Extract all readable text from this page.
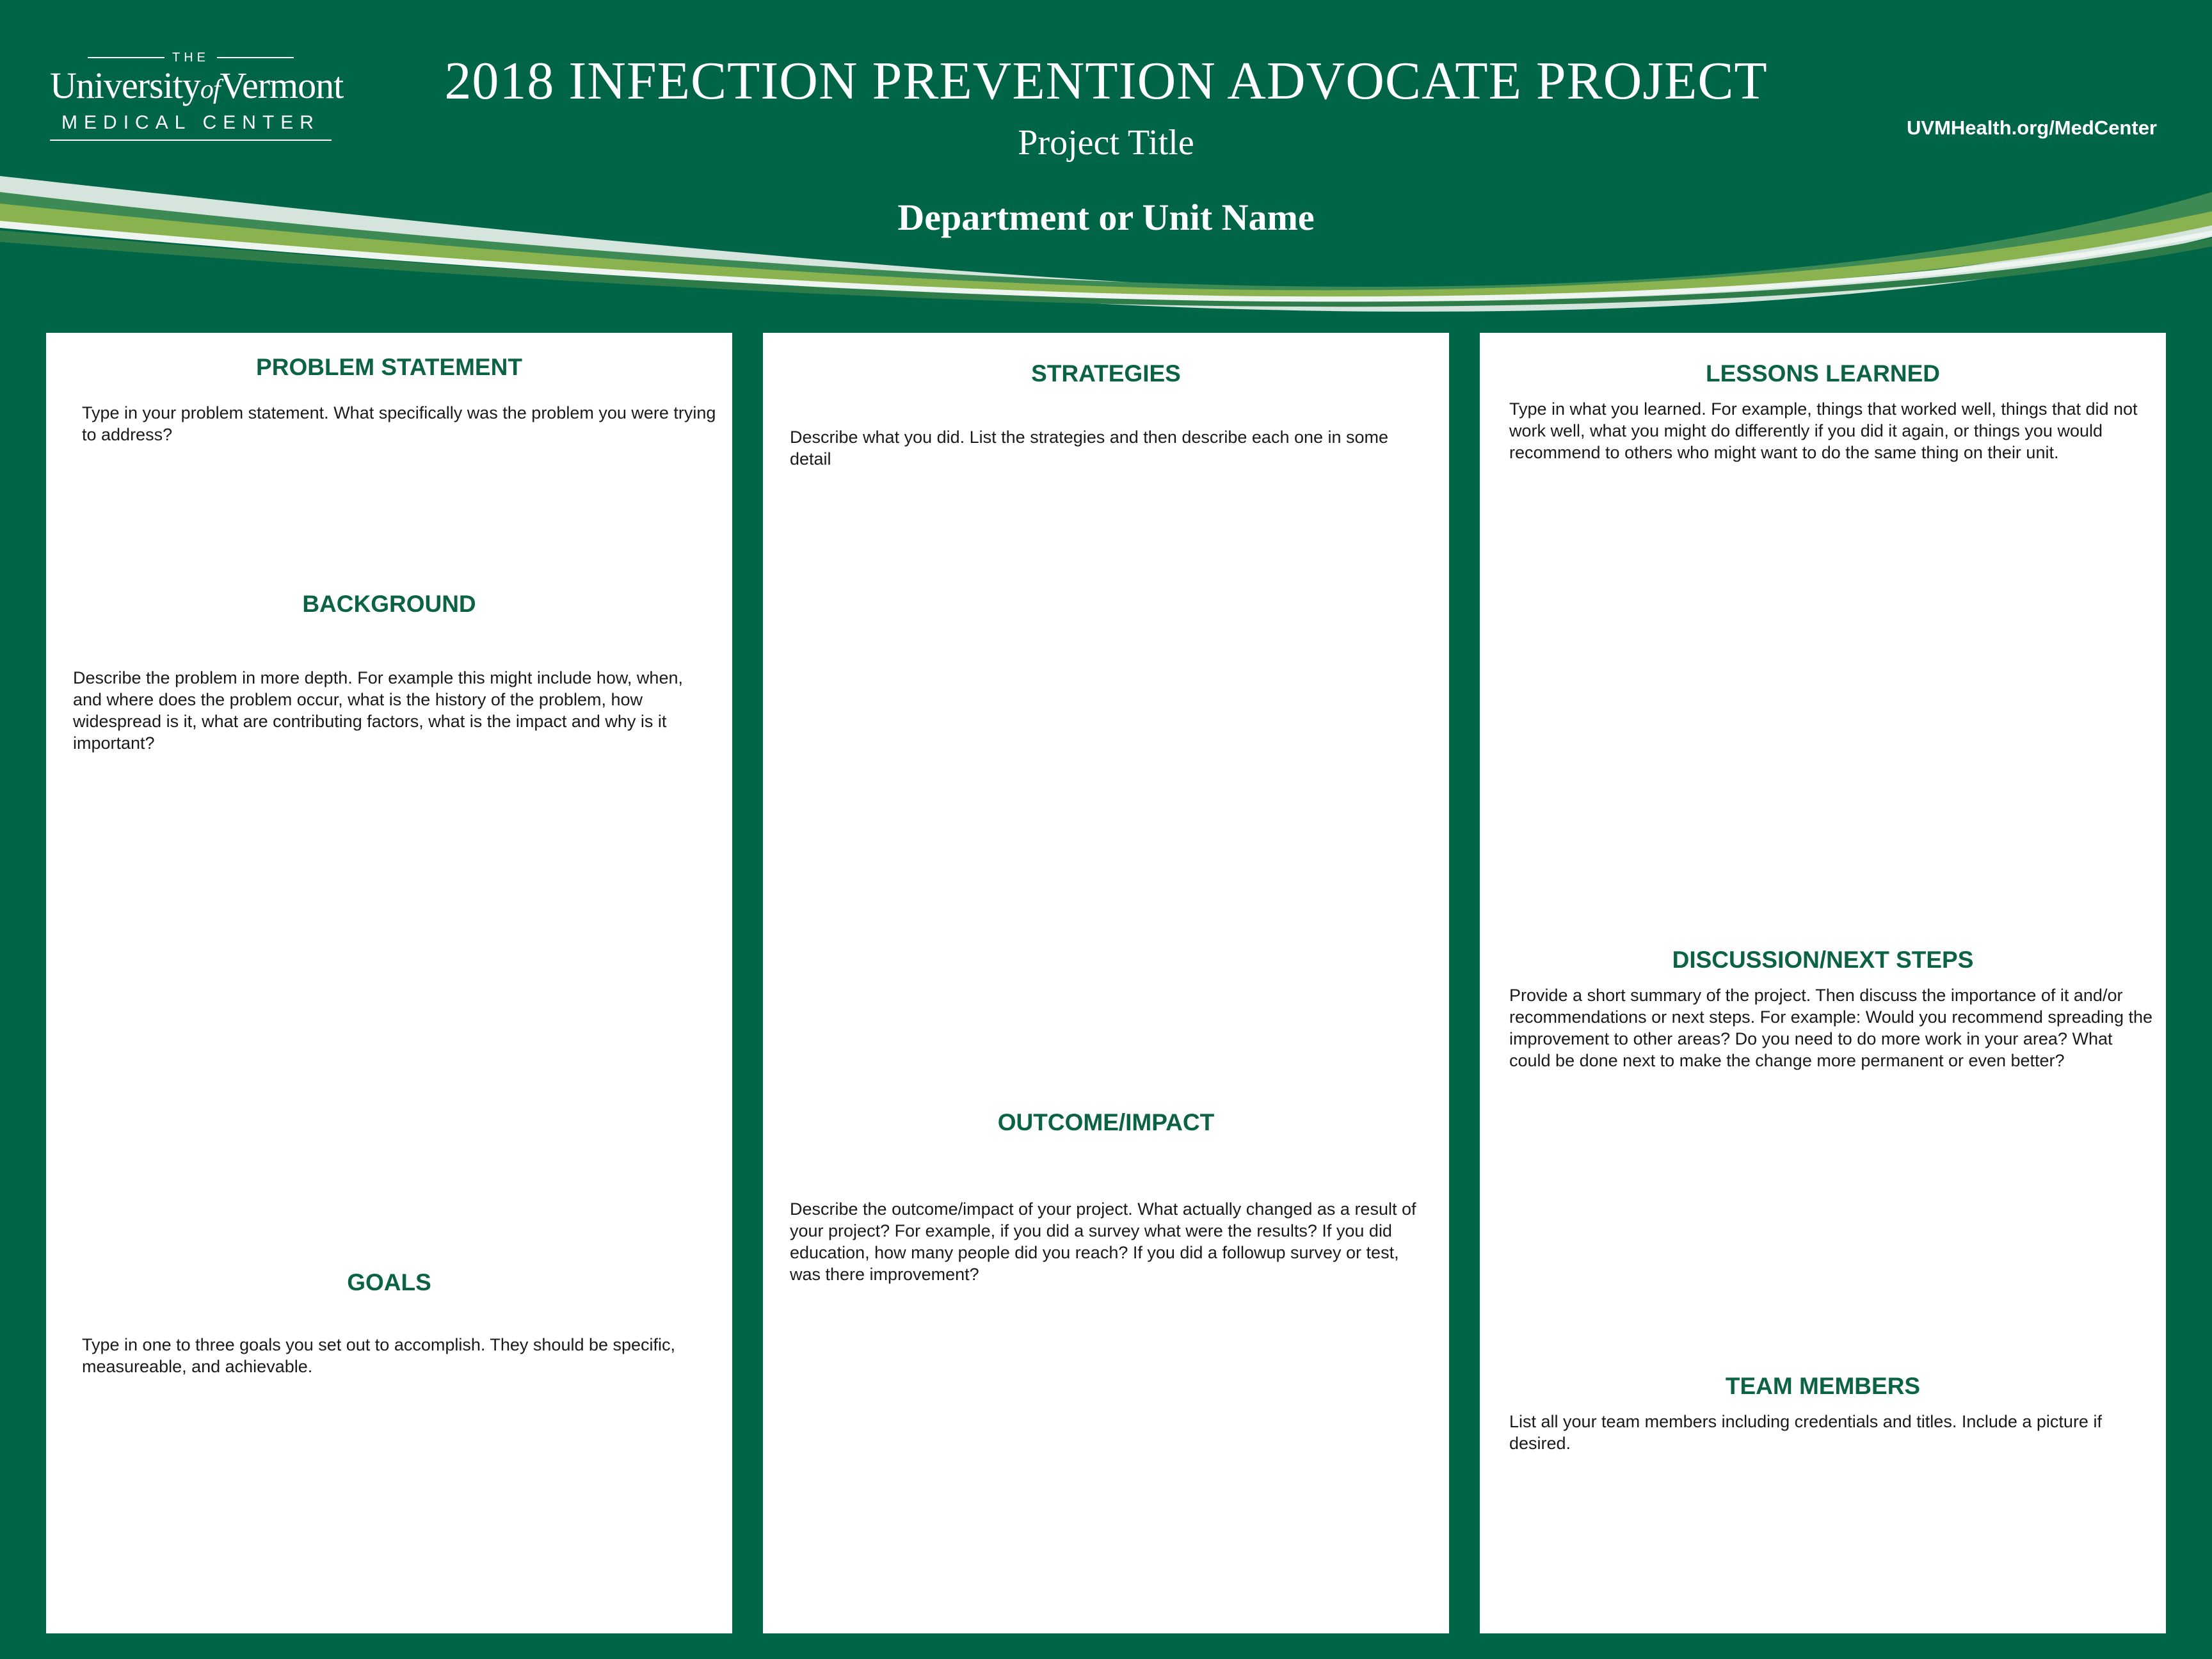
THE
UniversityofVermont
MEDICAL CENTER
2018 INFECTION PREVENTION ADVOCATE PROJECT
Project Title
Department or Unit Name
UVMHealth.org/MedCenter
PROBLEM STATEMENT

Type in your problem statement. What specifically was the problem you were trying to address?

BACKGROUND

Describe the problem in more depth. For example this might include how, when, and where does the problem occur, what is the history of the problem, how widespread is it, what are contributing factors, what is the impact and why is it important?

GOALS

Type in one to three goals you set out to accomplish. They should be specific, measureable, and achievable.

STRATEGIES

Describe what you did. List the strategies and then describe each one in some detail

OUTCOME/IMPACT

Describe the outcome/impact of your project. What actually changed as a result of your project? For example, if you did a survey what were the results? If you did education, how many people did you reach? If you did a followup survey or test, was there improvement?

LESSONS LEARNED

Type in what you learned. For example, things that worked well, things that did not work well, what you might do differently if you did it again, or things you would recommend to others who might want to do the same thing on their unit.

DISCUSSION/NEXT STEPS

Provide a short summary of the project. Then discuss the importance of it and/or recommendations or next steps. For example: Would you recommend spreading the improvement to other areas? Do you need to do more work in your area? What could be done next to make the change more permanent or even better?

TEAM MEMBERS

List all your team members including credentials and titles. Include a picture if desired.
